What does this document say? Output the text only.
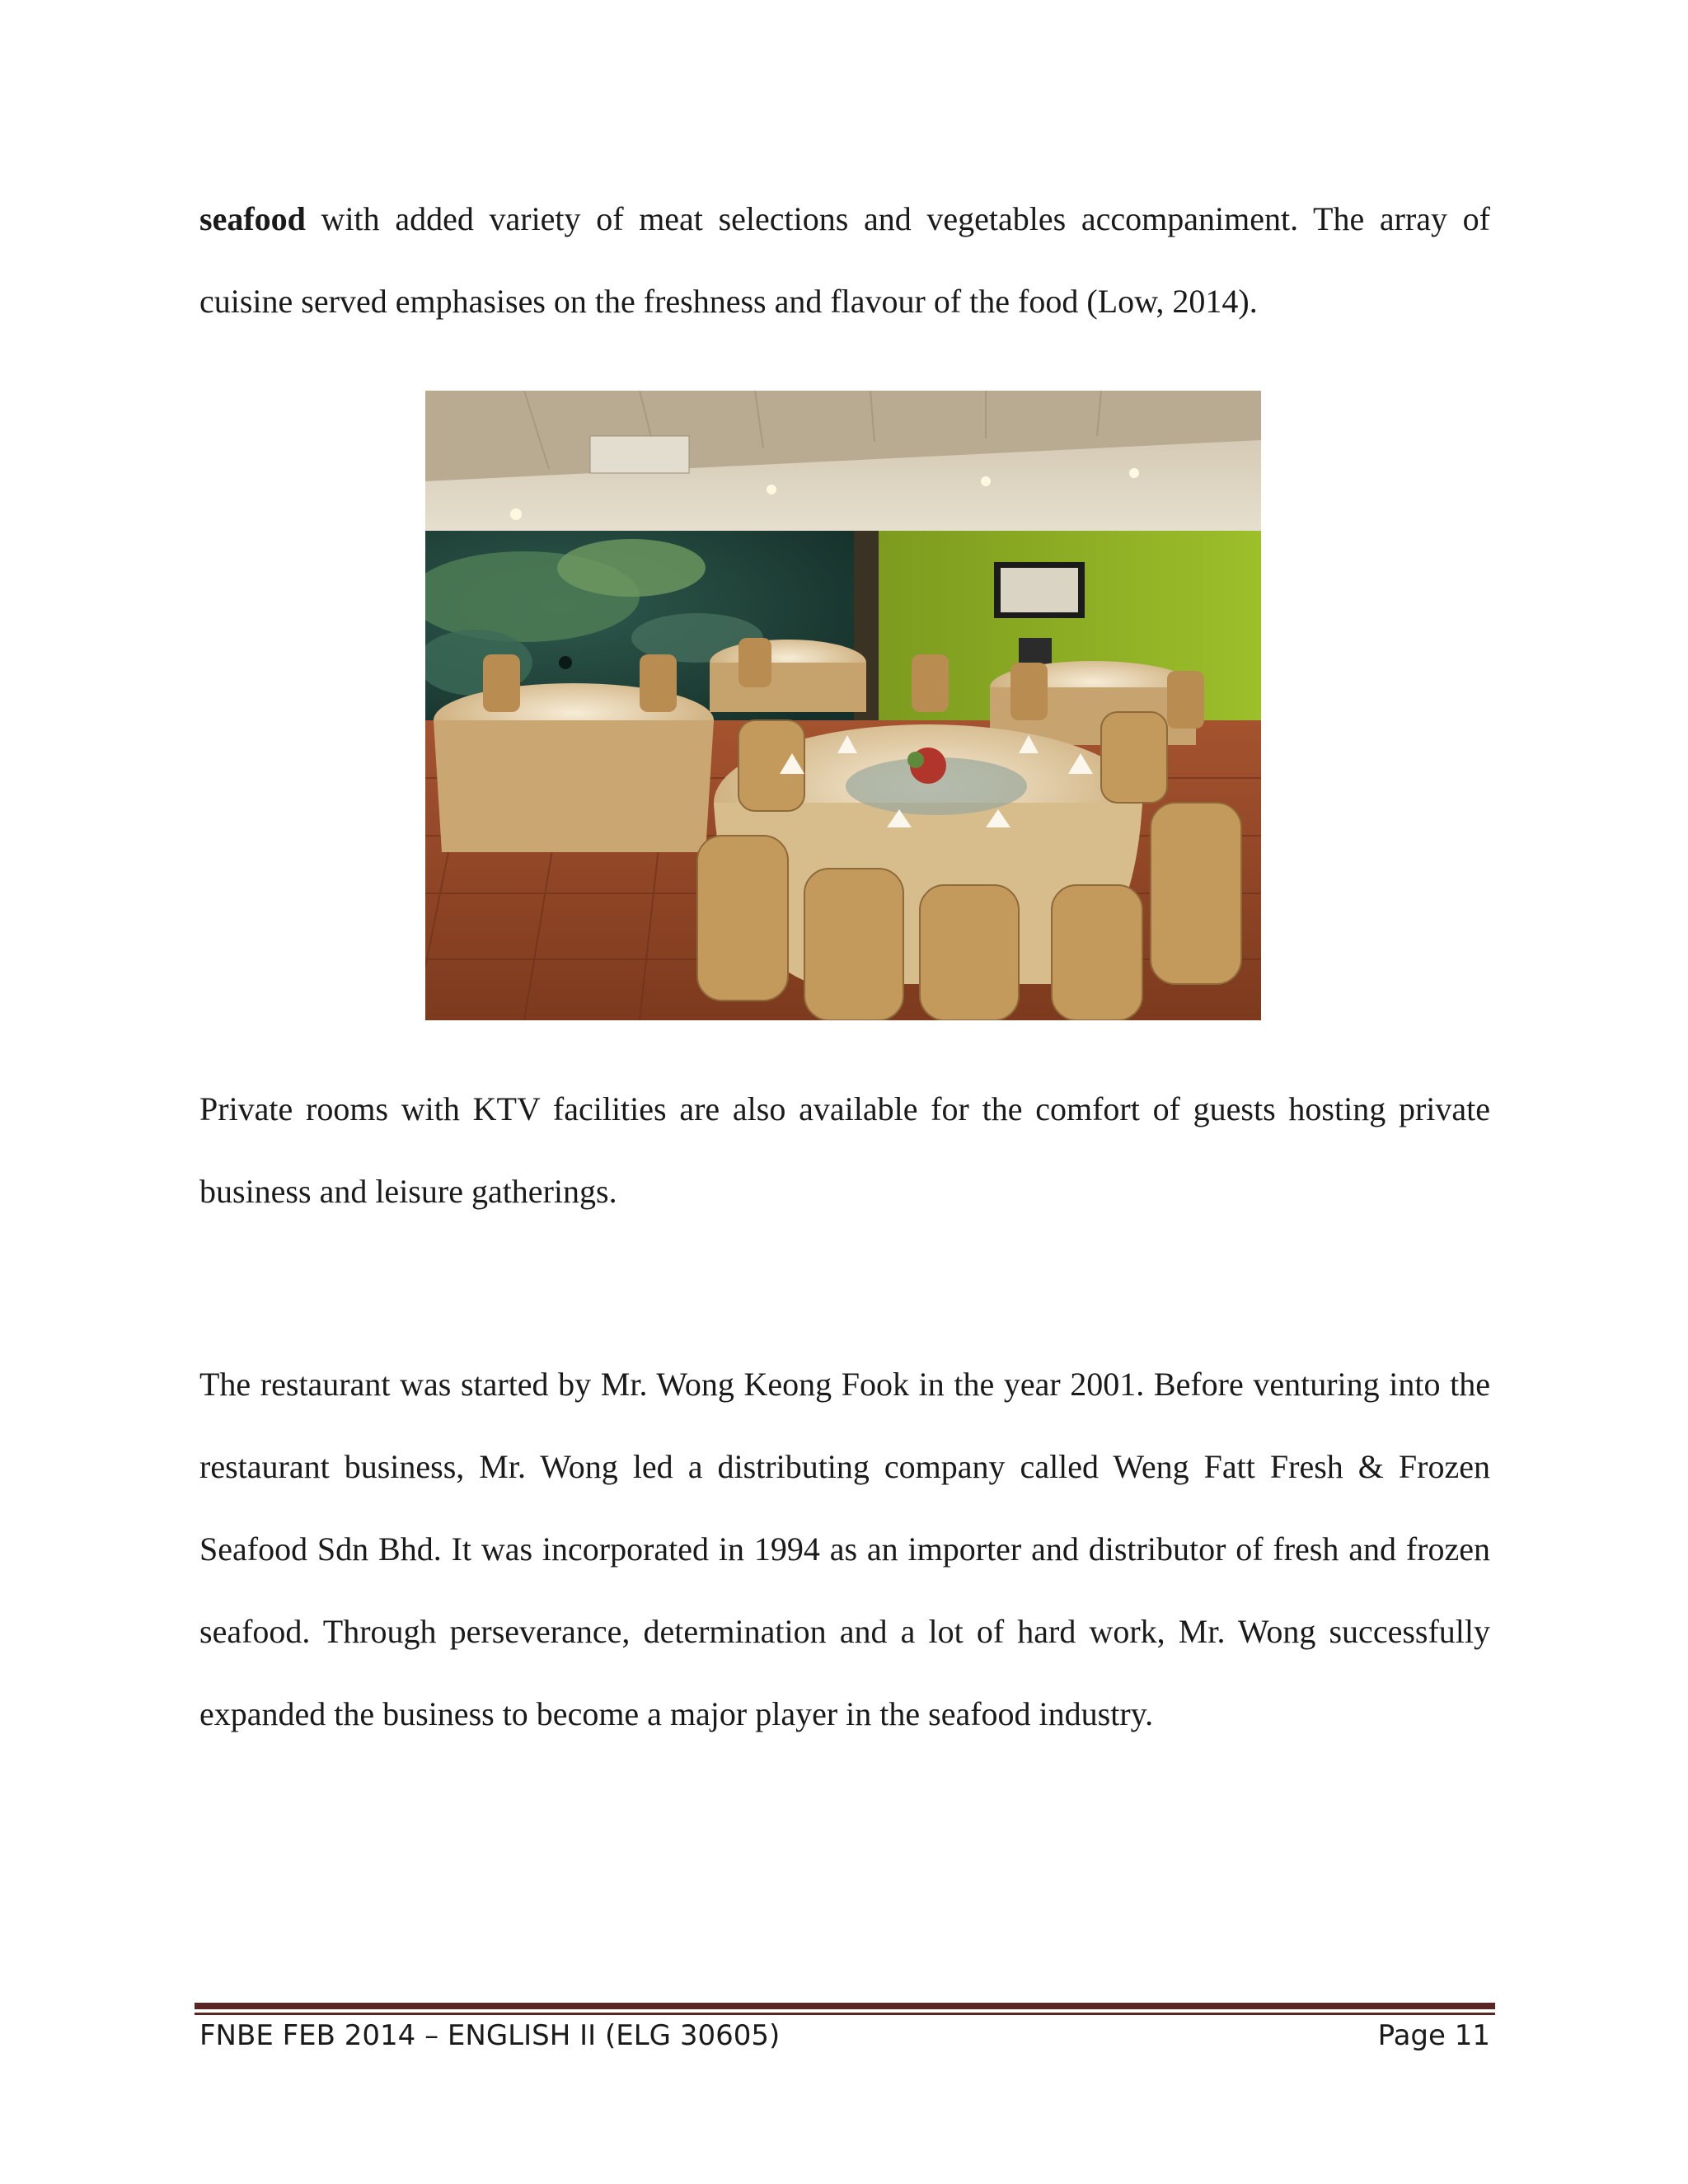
seafood with added variety of meat selections and vegetables accompaniment. The array of cuisine served emphasises on the freshness and flavour of the food (Low, 2014).

Private rooms with KTV facilities are also available for the comfort of guests hosting private business and leisure gatherings.

The restaurant was started by Mr. Wong Keong Fook in the year 2001. Before venturing into the restaurant business, Mr. Wong led a distributing company called Weng Fatt Fresh & Frozen Seafood Sdn Bhd. It was incorporated in 1994 as an importer and distributor of fresh and frozen seafood. Through perseverance, determination and a lot of hard work, Mr. Wong successfully expanded the business to become a major player in the seafood industry.

FNBE FEB 2014 – ENGLISH II (ELG 30605)	Page 11
